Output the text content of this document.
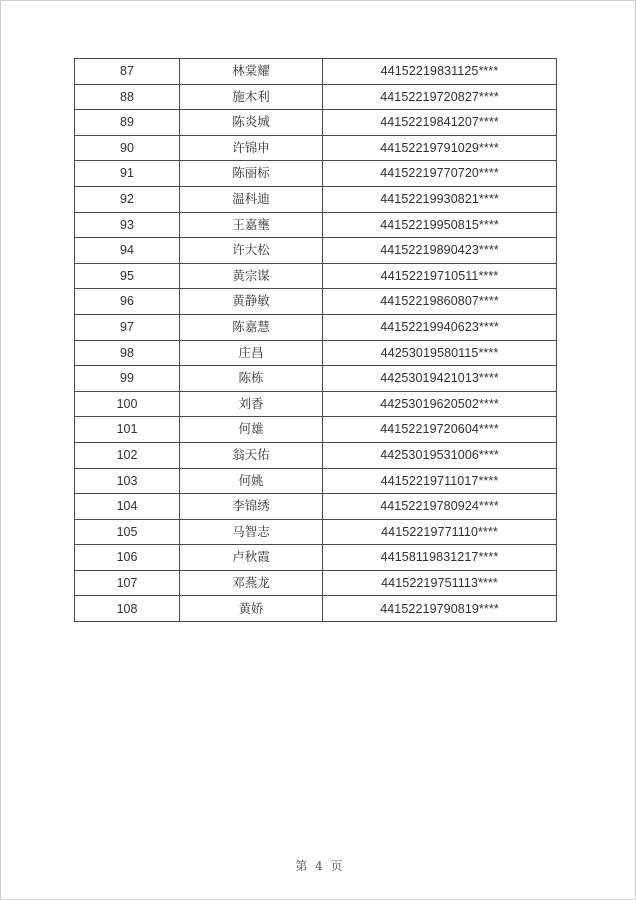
87	林棠耀	44152219831125****
88	施木利	44152219720827****
89	陈炎城	44152219841207****
90	许锦申	44152219791029****
91	陈丽标	44152219770720****
92	温科迪	44152219930821****
93	王嘉壅	44152219950815****
94	许大松	44152219890423****
95	黄宗谋	44152219710511****
96	黄静敏	44152219860807****
97	陈嘉慧	44152219940623****
98	庄昌	44253019580115****
99	陈栋	44253019421013****
100	刘香	44253019620502****
101	何雄	44152219720604****
102	翁天佑	44253019531006****
103	何姚	44152219711017****
104	李锦绣	44152219780924****
105	马智志	44152219771110****
106	卢秋霞	44158119831217****
107	邓燕龙	44152219751113****
108	黄娇	44152219790819****
第 4 页
